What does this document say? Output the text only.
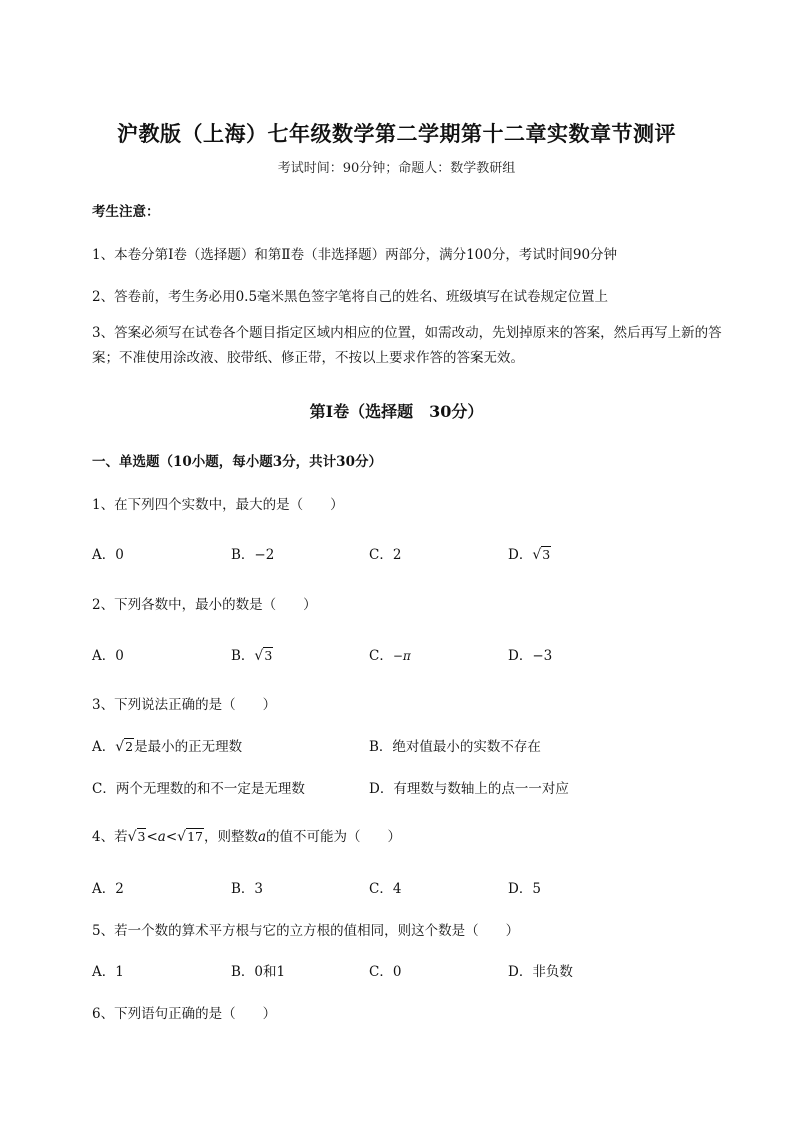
沪教版（上海）七年级数学第二学期第十二章实数章节测评
考试时间：90分钟；命题人：数学教研组
考生注意：
1、本卷分第Ⅰ卷（选择题）和第Ⅱ卷（非选择题）两部分，满分100分，考试时间90分钟
2、答卷前，考生务必用0.5毫米黑色签字笔将自己的姓名、班级填写在试卷规定位置上
3、答案必须写在试卷各个题目指定区域内相应的位置，如需改动，先划掉原来的答案，然后再写上新的答案；不准使用涂改液、胶带纸、修正带，不按以上要求作答的答案无效。
第Ⅰ卷（选择题　30分）
一、单选题（10小题，每小题3分，共计30分）
1、在下列四个实数中，最大的是（　　）
A．0	B．−2	C．2	D．√3
2、下列各数中，最小的数是（　　）
A．0	B．√3	C．−π	D．−3
3、下列说法正确的是（　　）
A．√2是最小的正无理数	B．绝对值最小的实数不存在
C．两个无理数的和不一定是无理数	D．有理数与数轴上的点一一对应
4、若√3<a<√17，则整数a的值不可能为（　　）
A．2	B．3	C．4	D．5
5、若一个数的算术平方根与它的立方根的值相同，则这个数是（　　）
A．1	B．0和1	C．0	D．非负数
6、下列语句正确的是（　　）
